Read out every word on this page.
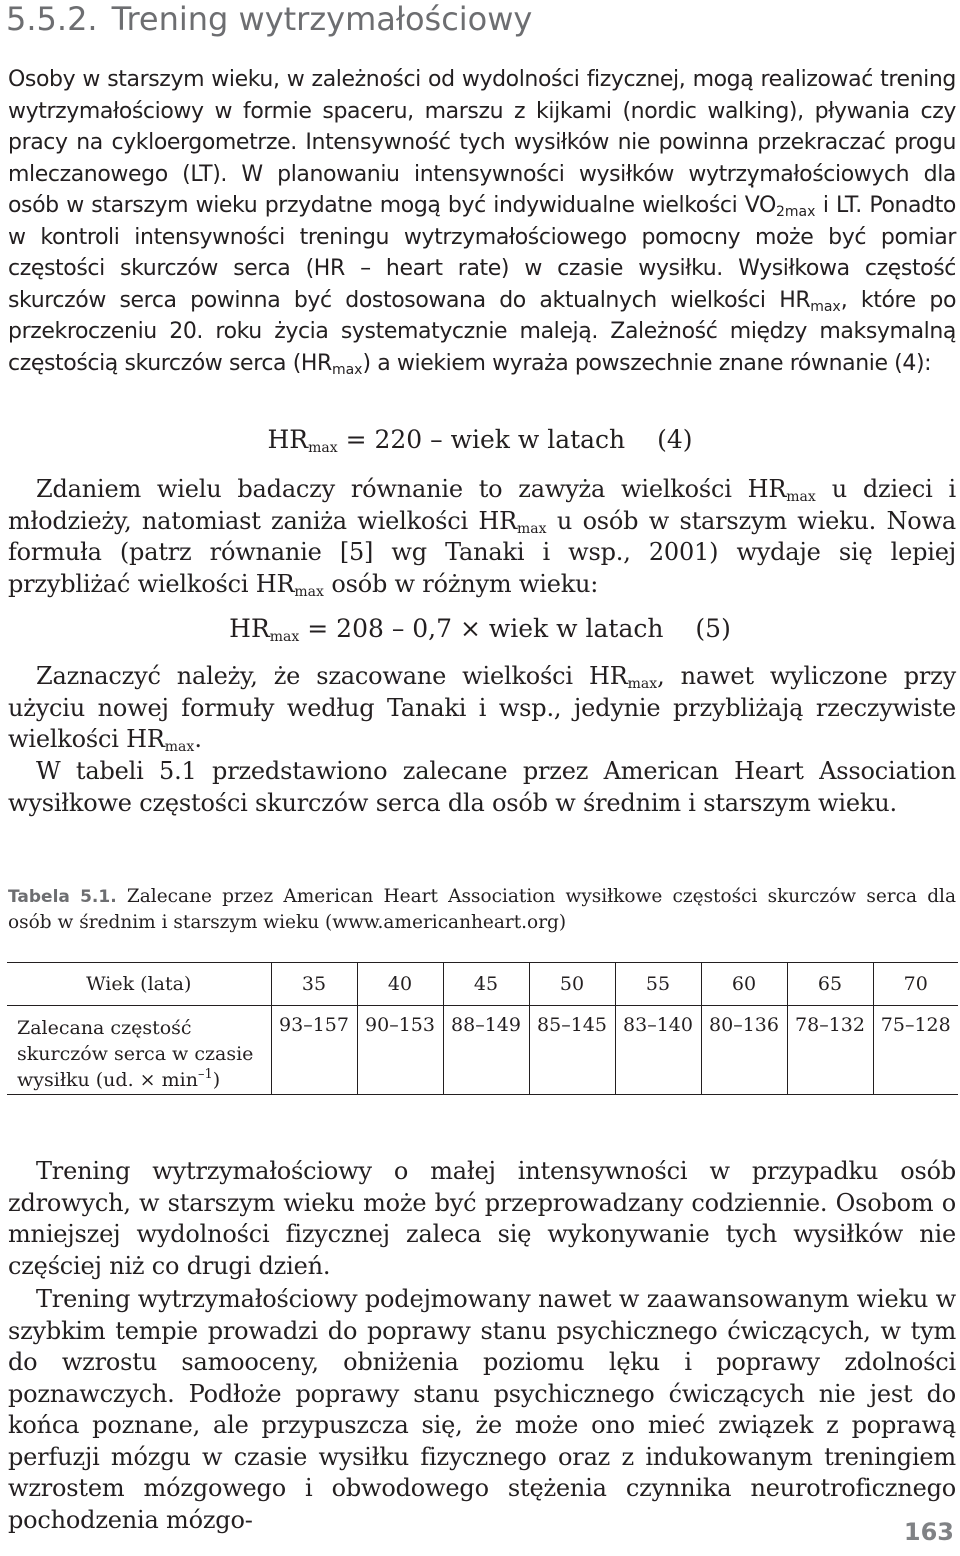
5.5.2. Trening wytrzymałościowy
Osoby w starszym wieku, w zależności od wydolności fizycznej, mogą realizować trening wytrzymałościowy w formie spaceru, marszu z kijkami (nordic walking), pływania czy pracy na cykloergometrze. Intensywność tych wysiłków nie powinna przekraczać progu mleczanowego (LT). W planowaniu intensywności wysiłków wytrzymałościowych dla osób w starszym wieku przydatne mogą być indywidualne wielkości · $VO_{2max}$ i LT. Ponadto w kontroli intensywności treningu wytrzymałościowego pomocny może być pomiar częstości skurczów serca (HR – heart rate) w czasie wysiłku. Wysiłkowa częstość skurczów serca powinna być dostosowana do aktualnych wielkości $HR_{max}$, które po przekroczeniu 20. roku życia systematycznie maleją. Zależność między maksymalną częstością skurczów serca $(HR_{max})$ a wiekiem wyraża powszechnie znane równanie (4):
$HR_{max} = 220$ – wiek w latach (4)
Zdaniem wielu badaczy równanie to zawyża wielkości $HR_{max}$ u dzieci i młodzieży, natomiast zaniża wielkości $HR_{max}$ u osób w starszym wieku. Nowa formuła (patrz równanie [5] wg Tanaki i wsp., 2001) wydaje się lepiej przybliżać wielkości $HR_{max}$ osób w różnym wieku:
$HR_{max} = 208 - 0,7$ × wiek w latach (5)
Zaznaczyć należy, że szacowane wielkości $HR_{max}$, nawet wyliczone przy użyciu nowej formuły według Tanaki i wsp., jedynie przybliżają rzeczywiste wielkości $HR_{max}$.
W tabeli 5.1 przedstawiono zalecane przez American Heart Association wysiłkowe częstości skurczów serca dla osób w średnim i starszym wieku.
Tabela 5.1. Zalecane przez American Heart Association wysiłkowe częstości skurczów serca dla osób w średnim i starszym wieku (www.americanheart.org)
Wiek (lata)	35	40	45	50	55	60	65	70
Zalecana częstość skurczów serca w czasie wysiłku (ud. × $\min^{-1}$)	93–157	90–153	88–149	85–145	83–140	80–136	78–132	75–128
Trening wytrzymałościowy o małej intensywności w przypadku osób zdrowych, w starszym wieku może być przeprowadzany codziennie. Osobom o mniejszej wydolności fizycznej zaleca się wykonywanie tych wysiłków nie częściej niż co drugi dzień.
Trening wytrzymałościowy podejmowany nawet w zaawansowanym wieku w szybkim tempie prowadzi do poprawy stanu psychicznego ćwiczących, w tym do wzrostu samooceny, obniżenia poziomu lęku i poprawy zdolności poznawczych. Podłoże poprawy stanu psychicznego ćwiczących nie jest do końca poznane, ale przypuszcza się, że może ono mieć związek z poprawą perfuzji mózgu w czasie wysiłku fizycznego oraz z indukowanym treningiem wzrostem mózgowego i obwodowego stężenia czynnika neurotroficznego pochodzenia mózgo-	163
